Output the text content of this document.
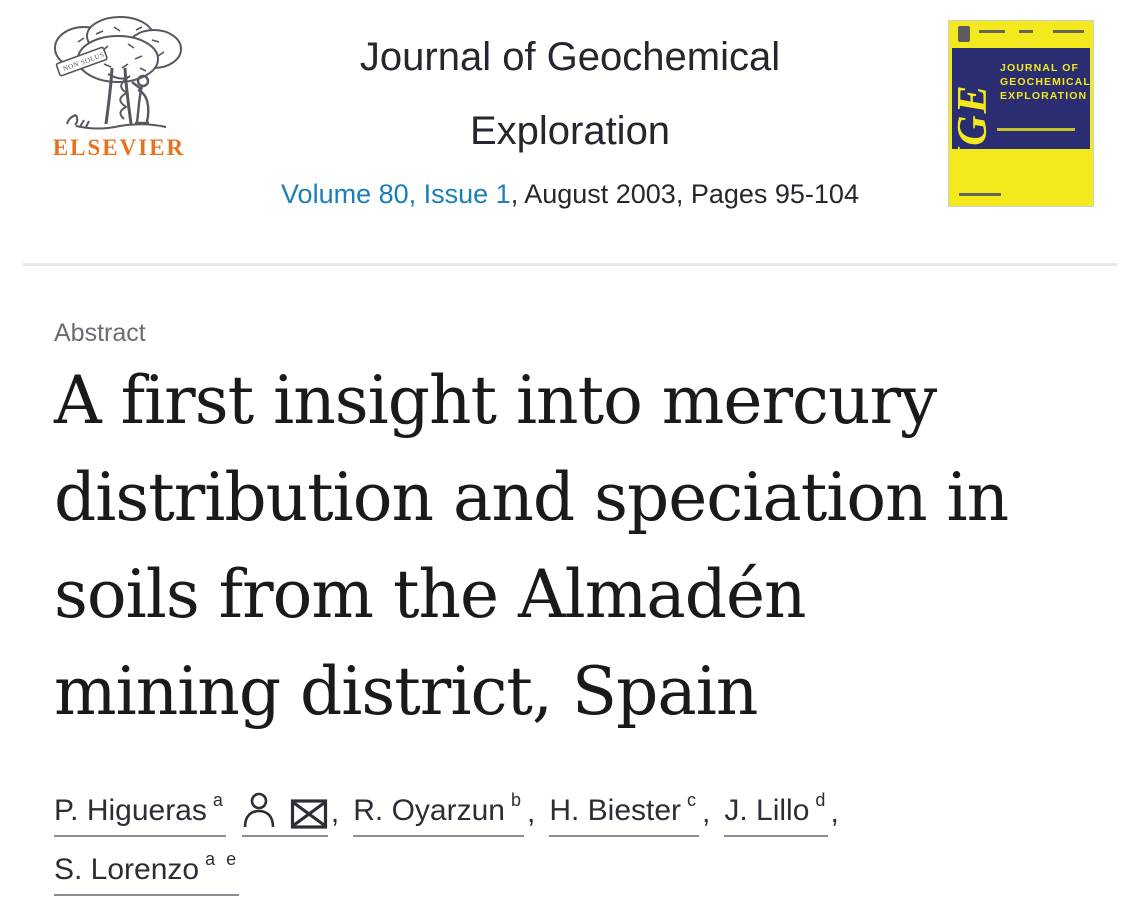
NON SOLUS
ELSEVIER
Journal of Geochemical
Exploration
Volume 80, Issue 1, August 2003, Pages 95-104
JGE
JOURNAL OF
GEOCHEMICAL
EXPLORATION
Abstract
A first insight into mercury
distribution and speciation in
soils from the Almadén
mining district, Spain
P. Higueras a	, R. Oyarzun b , H. Biester c , J. Lillo d ,
S. Lorenzo a e
